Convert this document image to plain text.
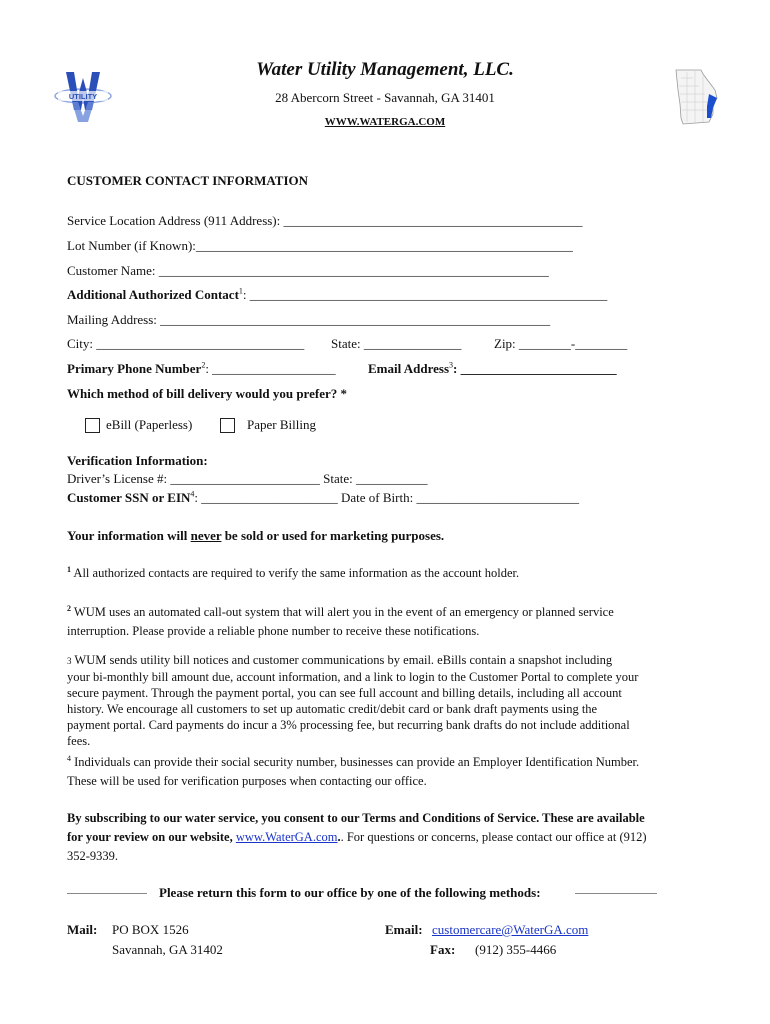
UTILITY
Water Utility Management, LLC.
28 Abercorn Street - Savannah, GA 31401
WWW.WATERGA.COM
CUSTOMER CONTACT INFORMATION
Service Location Address (911 Address): ______________________________________________
Lot Number (if Known):__________________________________________________________
Customer Name: ____________________________________________________________
Additional Authorized Contact$^1$: _______________________________________________________
Mailing Address: ____________________________________________________________
City: ________________________________ State: _______________	Zip: ________-________
Primary Phone Number$^2$: ___________________ Email Address$^3$: ________________________
Which method of bill delivery would you prefer? *
eBill (Paperless)	Paper Billing
Verification Information:
Driver’s License #: _______________________ State: ___________
Customer SSN or EIN$^4$: _____________________ Date of Birth: _________________________
Your information will never be sold or used for marketing purposes.
$^1$ All authorized contacts are required to verify the same information as the account holder.
$^2$ WUM uses an automated call-out system that will alert you in the event of an emergency or planned service
interruption. Please provide a reliable phone number to receive these notifications.
3 WUM sends utility bill notices and customer communications by email. eBills contain a snapshot including
your bi-monthly bill amount due, account information, and a link to login to the Customer Portal to complete your
secure payment. Through the payment portal, you can see full account and billing details, including all account
history. We encourage all customers to set up automatic credit/debit card or bank draft payments using the
payment portal. Card payments do incur a 3% processing fee, but recurring bank drafts do not include additional
fees.
$^4$ Individuals can provide their social security number, businesses can provide an Employer Identification Number.
These will be used for verification purposes when contacting our office.
By subscribing to our water service, you consent to our Terms and Conditions of Service. These are available
for your review on our website, www.WaterGA.com.. For questions or concerns, please contact our office at (912)
352-9339.
Please return this form to our office by one of the following methods:
Mail: PO BOX 1526
Savannah, GA 31402
Email: customercare@WaterGA.com
Fax: (912) 355-4466
